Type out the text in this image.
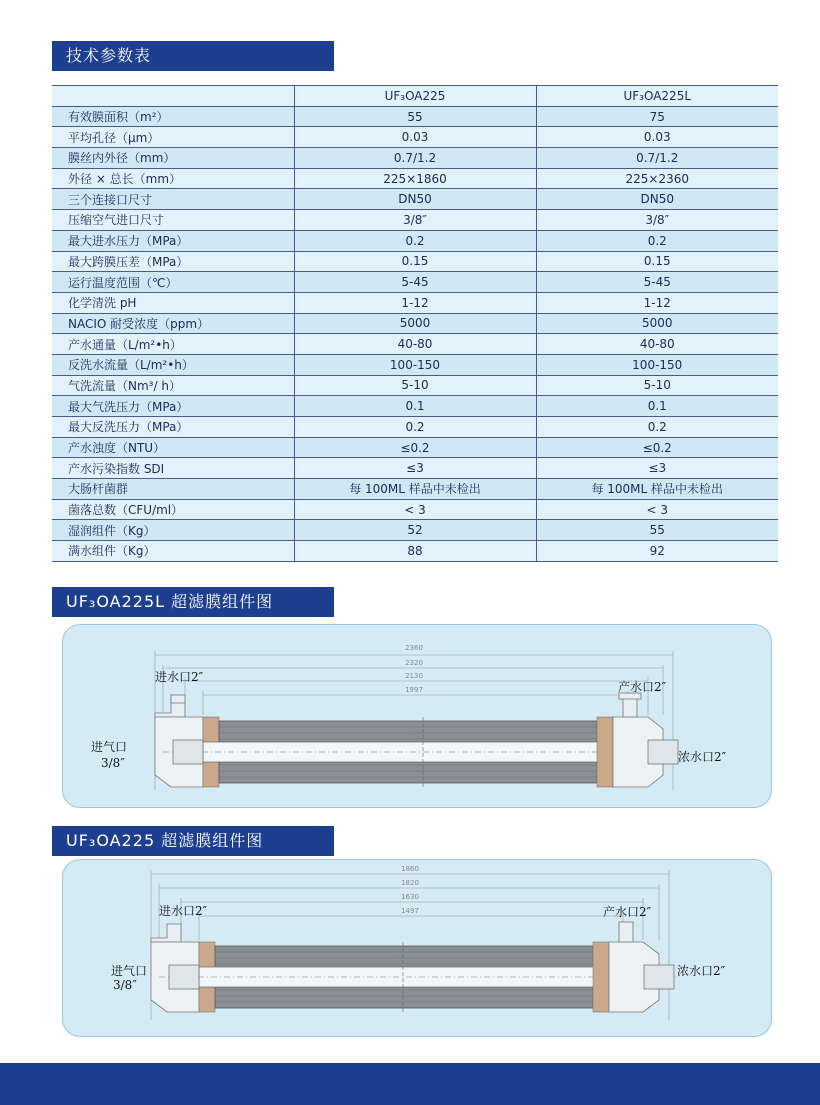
技术参数表
	UF₃OA225	UF₃OA225L
有效膜面积（m²）	55	75
平均孔径（μm）	0.03	0.03
膜丝内外径（mm）	0.7/1.2	0.7/1.2
外径 × 总长（mm）	225×1860	225×2360
三个连接口尺寸	DN50	DN50
压缩空气进口尺寸	3/8″	3/8″
最大进水压力（MPa）	0.2	0.2
最大跨膜压差（MPa）	0.15	0.15
运行温度范围（℃）	5-45	5-45
化学清洗 pH	1-12	1-12
NACIO 耐受浓度（ppm）	5000	5000
产水通量（L/m²•h）	40-80	40-80
反洗水流量（L/m²•h）	100-150	100-150
气洗流量（Nm³/ h）	5-10	5-10
最大气洗压力（MPa）	0.1	0.1
最大反洗压力（MPa）	0.2	0.2
产水浊度（NTU）	≤0.2	≤0.2
产水污染指数 SDI	≤3	≤3
大肠杆菌群	每 100ML 样品中未检出	每 100ML 样品中未检出
菌落总数（CFU/ml）	< 3	< 3
湿润组件（Kg）	52	55
满水组件（Kg）	88	92
UF₃OA225L 超滤膜组件图
2360
2320
2130
1997
225
进水口2″
产水口2″
进气口
3/8″	浓水口2″
UF₃OA225 超滤膜组件图
1860
1820
1630
1497
225
进水口2″	产水口2″
进气口
3/8″
浓水口2″
